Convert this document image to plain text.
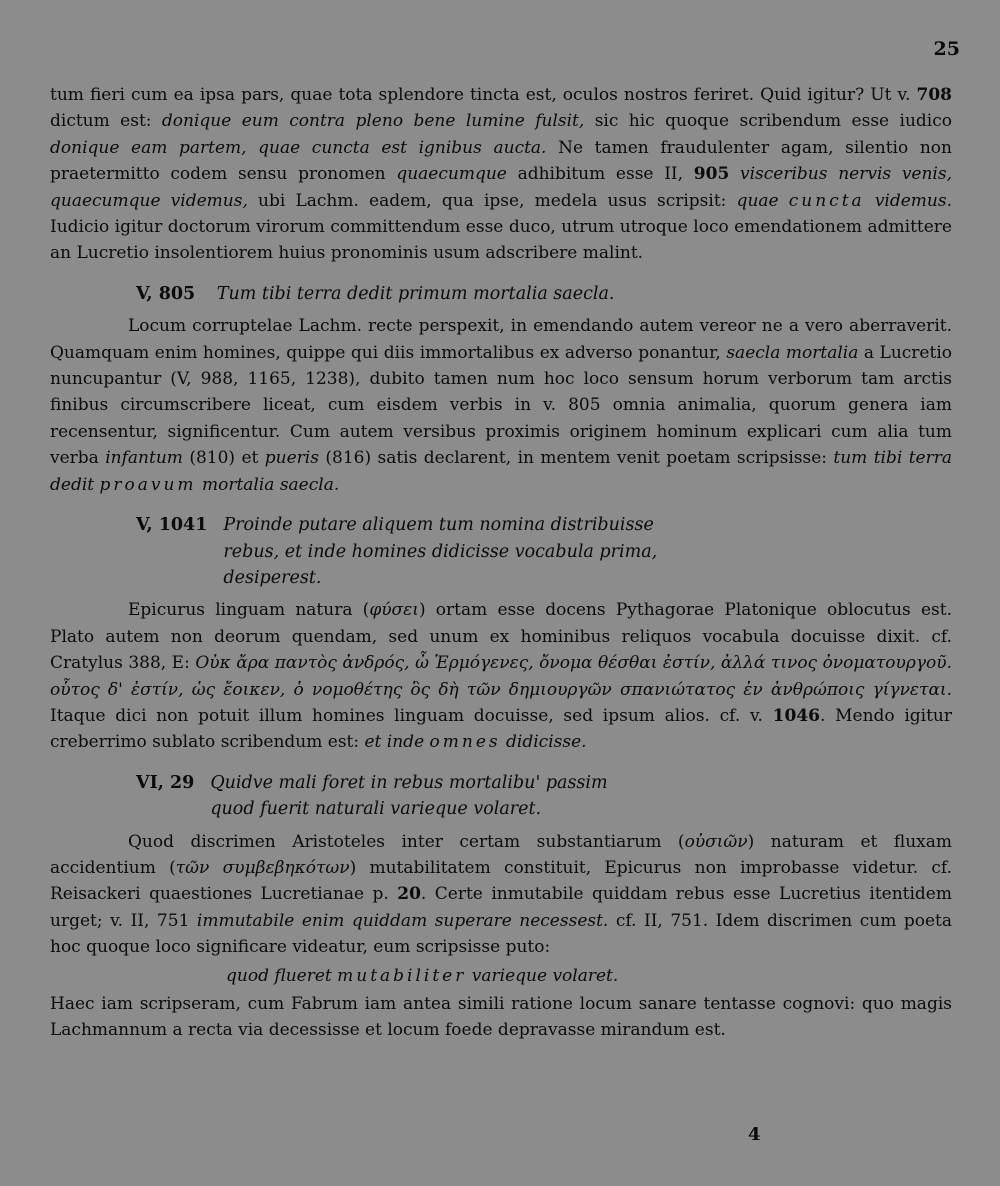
25

tum fieri cum ea ipsa pars, quae tota splendore tincta est, oculos nostros feriret. Quid igitur? Ut v. 708 dictum est: donique eum contra pleno bene lumine fulsit, sic hic quoque scribendum esse iudico donique eam partem, quae cuncta est ignibus aucta. Ne tamen fraudulenter agam, silentio non praetermitto codem sensu pronomen quaecumque adhibitum esse II, 905 visceribus nervis venis, quaecumque videmus, ubi Lachm. eadem, qua ipse, medela usus scripsit: quae cuncta videmus. Iudicio igitur doctorum virorum committendum esse duco, utrum utroque loco emendationem admittere an Lucretio insolentiorem huius pronominis usum adscribere malint.

V, 805 Tum tibi terra dedit primum mortalia saecla.

Locum corruptelae Lachm. recte perspexit, in emendando autem vereor ne a vero aberraverit. Quamquam enim homines, quippe qui diis immortalibus ex adverso ponantur, saecla mortalia a Lucretio nuncupantur (V, 988, 1165, 1238), dubito tamen num hoc loco sensum horum verborum tam arctis finibus circumscribere liceat, cum eisdem verbis in v. 805 omnia animalia, quorum genera iam recensentur, significentur. Cum autem versibus proximis originem hominum explicari cum alia tum verba infantum (810) et pueris (816) satis declarent, in mentem venit poetam scripsisse: tum tibi terra dedit proavum mortalia saecla.

V, 1041 Proinde putare aliquem tum nomina distribuisse
rebus, et inde homines didicisse vocabula prima,
desiperest.

Epicurus linguam natura (φύσει) ortam esse docens Pythagorae Platonique oblocutus est. Plato autem non deorum quendam, sed unum ex hominibus reliquos vocabula docuisse dixit. cf. Cratylus 388, E: Οὐκ ἄρα παντὸς ἀνδρός, ὦ Ἑρμόγενες, ὄνομα θέσθαι ἐστίν, ἀλλά τινος ὀνοματουργοῦ. οὗτος δ' ἐστίν, ὡς ἔοικεν, ὁ νομοθέτης ὃς δὴ τῶν δημιουργῶν σπανιώτατος ἐν ἀνθρώποις γίγνεται. Itaque dici non potuit illum homines linguam docuisse, sed ipsum alios. cf. v. 1046. Mendo igitur creberrimo sublato scribendum est: et inde omnes didicisse.

VI, 29 Quidve mali foret in rebus mortalibu' passim
quod fuerit naturali varieque volaret.

Quod discrimen Aristoteles inter certam substantiarum (οὐσιῶν) naturam et fluxam accidentium (τῶν συμβεβηκότων) mutabilitatem constituit, Epicurus non improbasse videtur. cf. Reisackeri quaestiones Lucretianae p. 20. Certe inmutabile quiddam rebus esse Lucretius itentidem urget; v. II, 751 immutabile enim quiddam superare necessest. cf. II, 751. Idem discrimen cum poeta hoc quoque loco significare videatur, eum scripsisse puto:

quod flueret mutabiliter varieque volaret.

Haec iam scripseram, cum Fabrum iam antea simili ratione locum sanare tentasse cognovi: quo magis Lachmannum a recta via decessisse et locum foede depravasse mirandum est.

4
